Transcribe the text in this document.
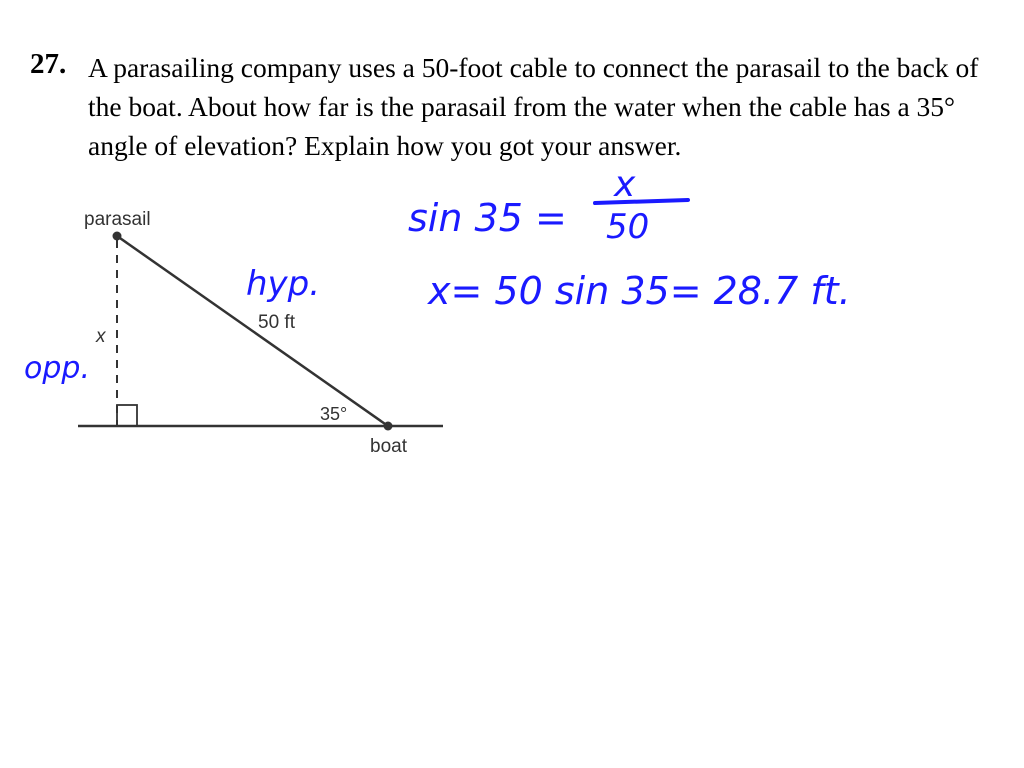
27. A parasailing company uses a 50-foot cable to connect the parasail to the back of the boat. About how far is the parasail from the water when the cable has a 35° angle of elevation? Explain how you got your answer.
parasail
x
50 ft
35°
boat
hyp.
opp.
sin 35 =
x
50
x= 50 sin 35= 28.7 ft.
